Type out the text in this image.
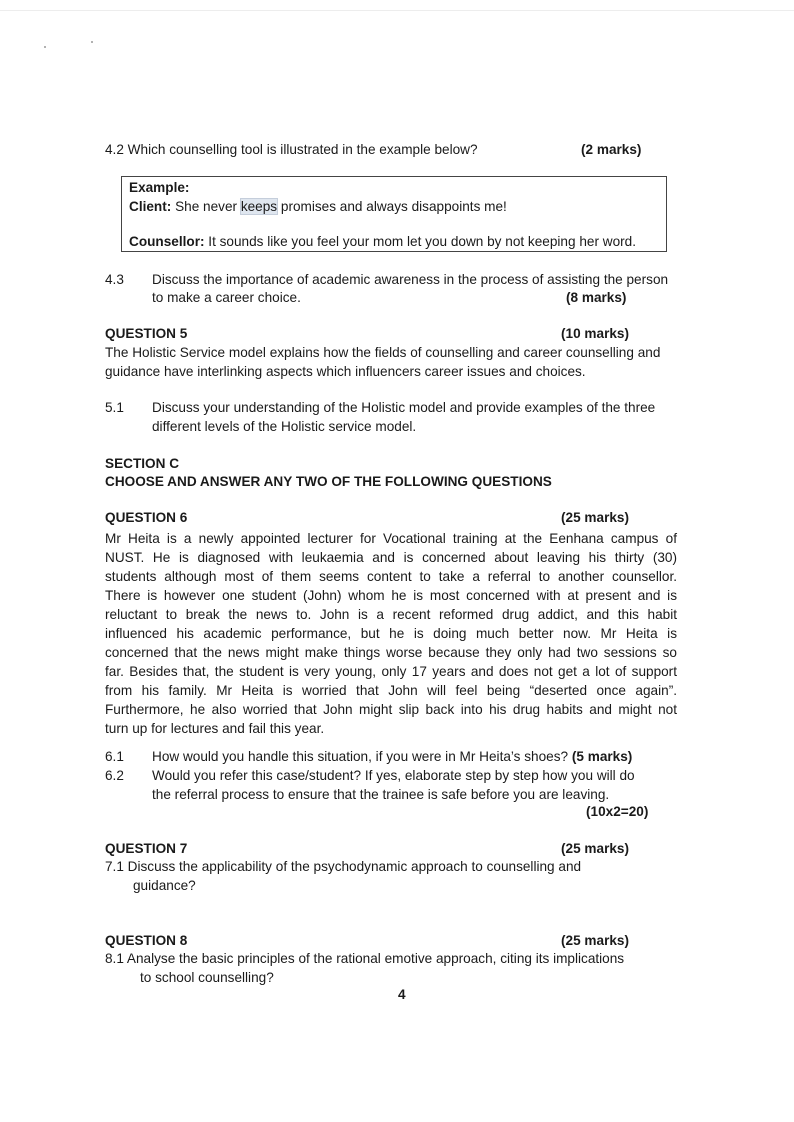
4.2 Which counselling tool is illustrated in the example below?	(2 marks)
Example:
Client: She never keeps promises and always disappoints me!
Counsellor: It sounds like you feel your mom let you down by not keeping her word.
4.3 Discuss the importance of academic awareness in the process of assisting the person
to make a career choice.	(8 marks)
QUESTION 5	(10 marks)
The Holistic Service model explains how the fields of counselling and career counselling and
guidance have interlinking aspects which influencers career issues and choices.
5.1 Discuss your understanding of the Holistic model and provide examples of the three
different levels of the Holistic service model.
SECTION C
CHOOSE AND ANSWER ANY TWO OF THE FOLLOWING QUESTIONS
QUESTION 6	(25 marks)
Mr Heita is a newly appointed lecturer for Vocational training at the Eenhana campus of
NUST. He is diagnosed with leukaemia and is concerned about leaving his thirty (30)
students although most of them seems content to take a referral to another counsellor.
There is however one student (John) whom he is most concerned with at present and is
reluctant to break the news to. John is a recent reformed drug addict, and this habit
influenced his academic performance, but he is doing much better now. Mr Heita is
concerned that the news might make things worse because they only had two sessions so
far. Besides that, the student is very young, only 17 years and does not get a lot of support
from his family. Mr Heita is worried that John will feel being “deserted once again”.
Furthermore, he also worried that John might slip back into his drug habits and might not
turn up for lectures and fail this year.
6.1 How would you handle this situation, if you were in Mr Heita’s shoes? (5 marks)
6.2 Would you refer this case/student? If yes, elaborate step by step how you will do
the referral process to ensure that the trainee is safe before you are leaving.
(10x2=20)
QUESTION 7	(25 marks)
7.1 Discuss the applicability of the psychodynamic approach to counselling and
guidance?
QUESTION 8	(25 marks)
8.1 Analyse the basic principles of the rational emotive approach, citing its implications
to school counselling?
4
